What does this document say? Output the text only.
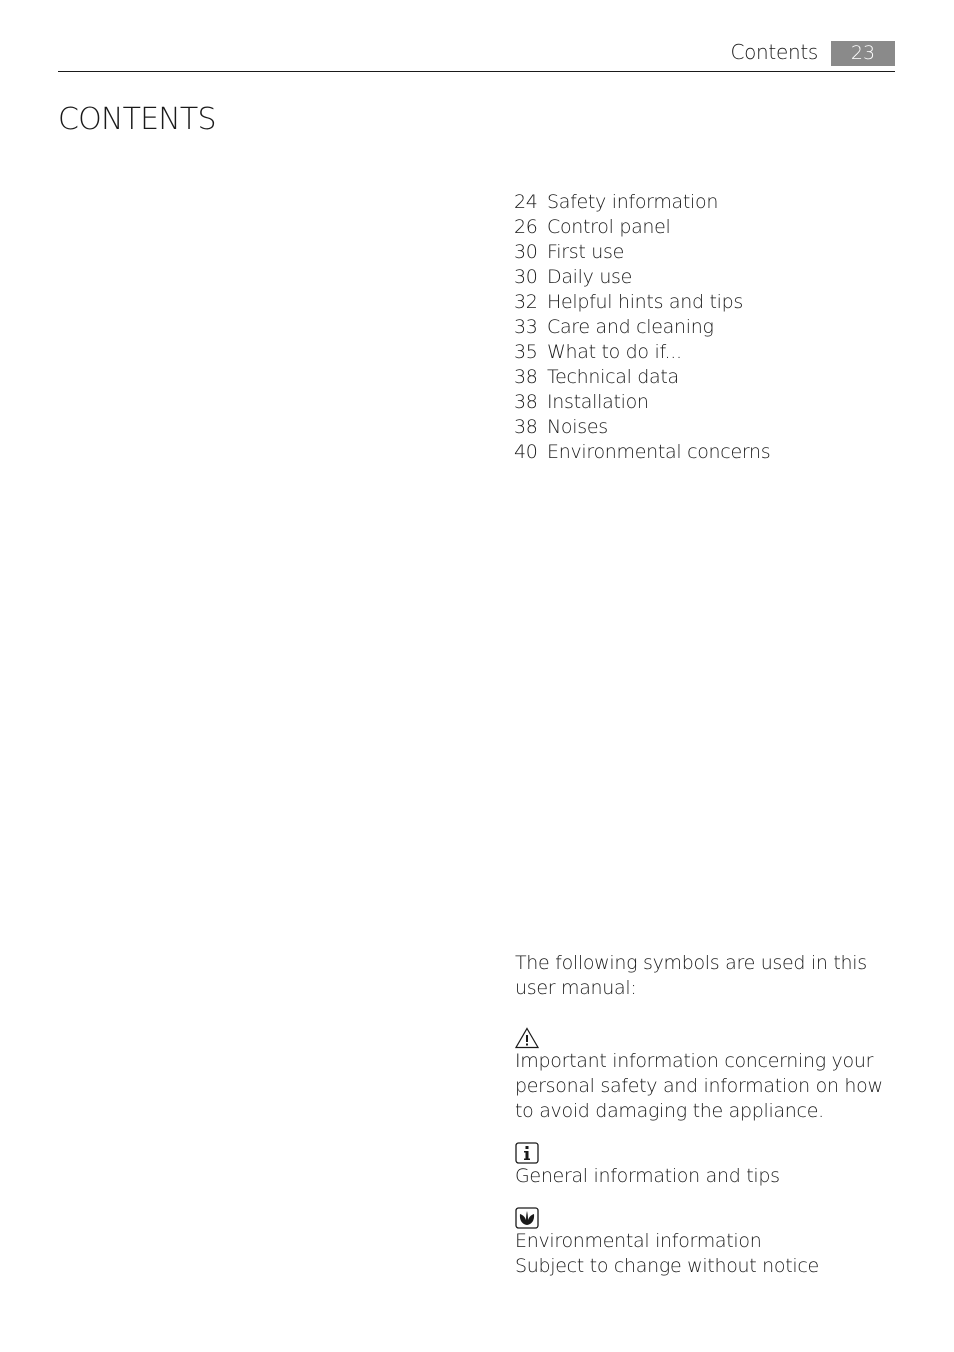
Contents	23
CONTENTS
24 Safety information
26 Control panel
30 First use
30 Daily use
32 Helpful hints and tips
33 Care and cleaning
35 What to do if...
38 Technical data
38 Installation
38 Noises
40 Environmental concerns

The following symbols are used in this user manual:

Important information concerning your personal safety and information on how to avoid damaging the appliance.

General information and tips

Environmental information

Subject to change without notice
